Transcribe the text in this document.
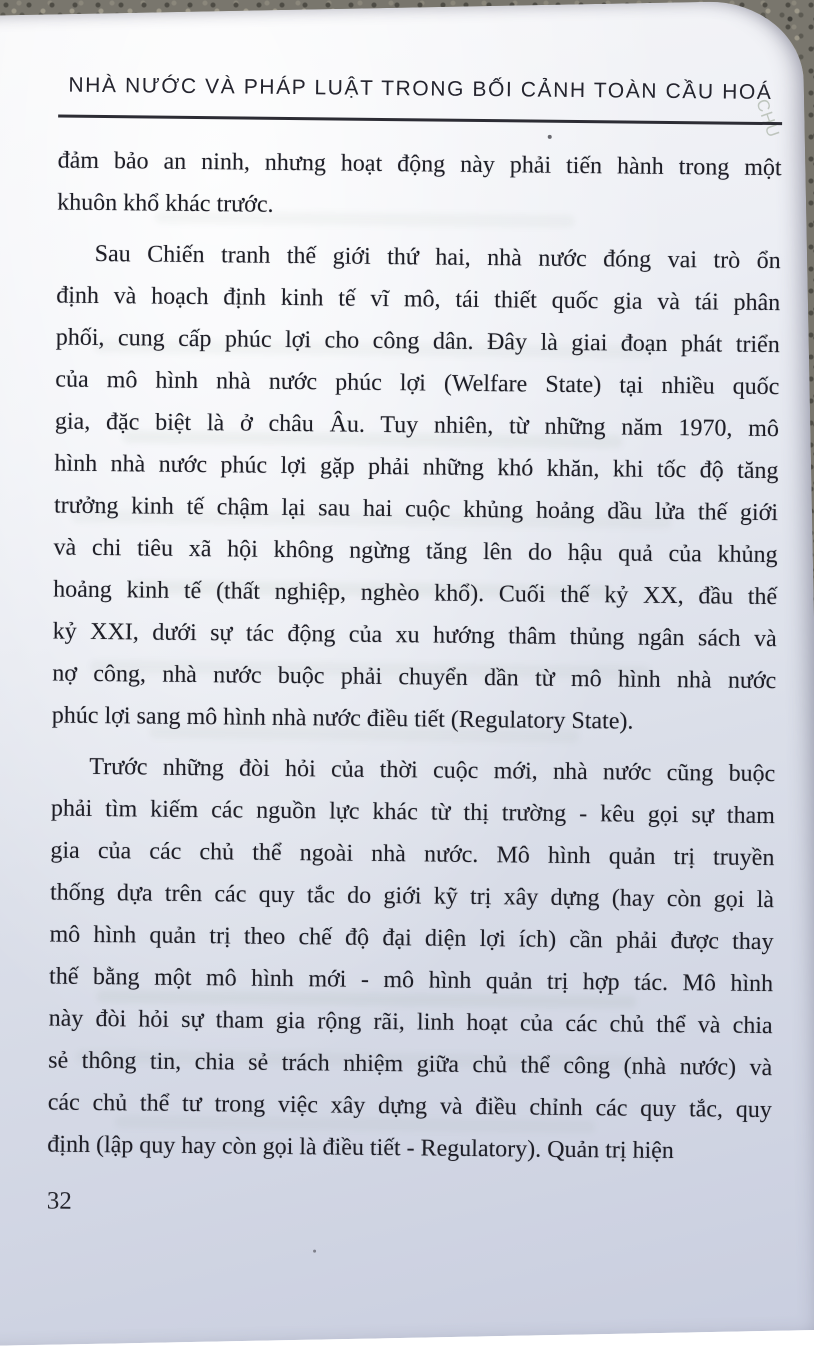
CHU
NHÀ NƯỚC VÀ PHÁP LUẬT TRONG BỐI CẢNH TOÀN CẦU HOÁ
đảm bảo an ninh, nhưng hoạt động này phải tiến hành trong một
khuôn khổ khác trước.
Sau Chiến tranh thế giới thứ hai, nhà nước đóng vai trò ổn
định và hoạch định kinh tế vĩ mô, tái thiết quốc gia và tái phân
phối, cung cấp phúc lợi cho công dân. Đây là giai đoạn phát triển
của mô hình nhà nước phúc lợi (Welfare State) tại nhiều quốc
gia, đặc biệt là ở châu Âu. Tuy nhiên, từ những năm 1970, mô
hình nhà nước phúc lợi gặp phải những khó khăn, khi tốc độ tăng
trưởng kinh tế chậm lại sau hai cuộc khủng hoảng dầu lửa thế giới
và chi tiêu xã hội không ngừng tăng lên do hậu quả của khủng
hoảng kinh tế (thất nghiệp, nghèo khổ). Cuối thế kỷ XX, đầu thế
kỷ XXI, dưới sự tác động của xu hướng thâm thủng ngân sách và
nợ công, nhà nước buộc phải chuyển dần từ mô hình nhà nước
phúc lợi sang mô hình nhà nước điều tiết (Regulatory State).
Trước những đòi hỏi của thời cuộc mới, nhà nước cũng buộc
phải tìm kiếm các nguồn lực khác từ thị trường - kêu gọi sự tham
gia của các chủ thể ngoài nhà nước. Mô hình quản trị truyền
thống dựa trên các quy tắc do giới kỹ trị xây dựng (hay còn gọi là
mô hình quản trị theo chế độ đại diện lợi ích) cần phải được thay
thế bằng một mô hình mới - mô hình quản trị hợp tác. Mô hình
này đòi hỏi sự tham gia rộng rãi, linh hoạt của các chủ thể và chia
sẻ thông tin, chia sẻ trách nhiệm giữa chủ thể công (nhà nước) và
các chủ thể tư trong việc xây dựng và điều chỉnh các quy tắc, quy
định (lập quy hay còn gọi là điều tiết - Regulatory). Quản trị hiện
32
